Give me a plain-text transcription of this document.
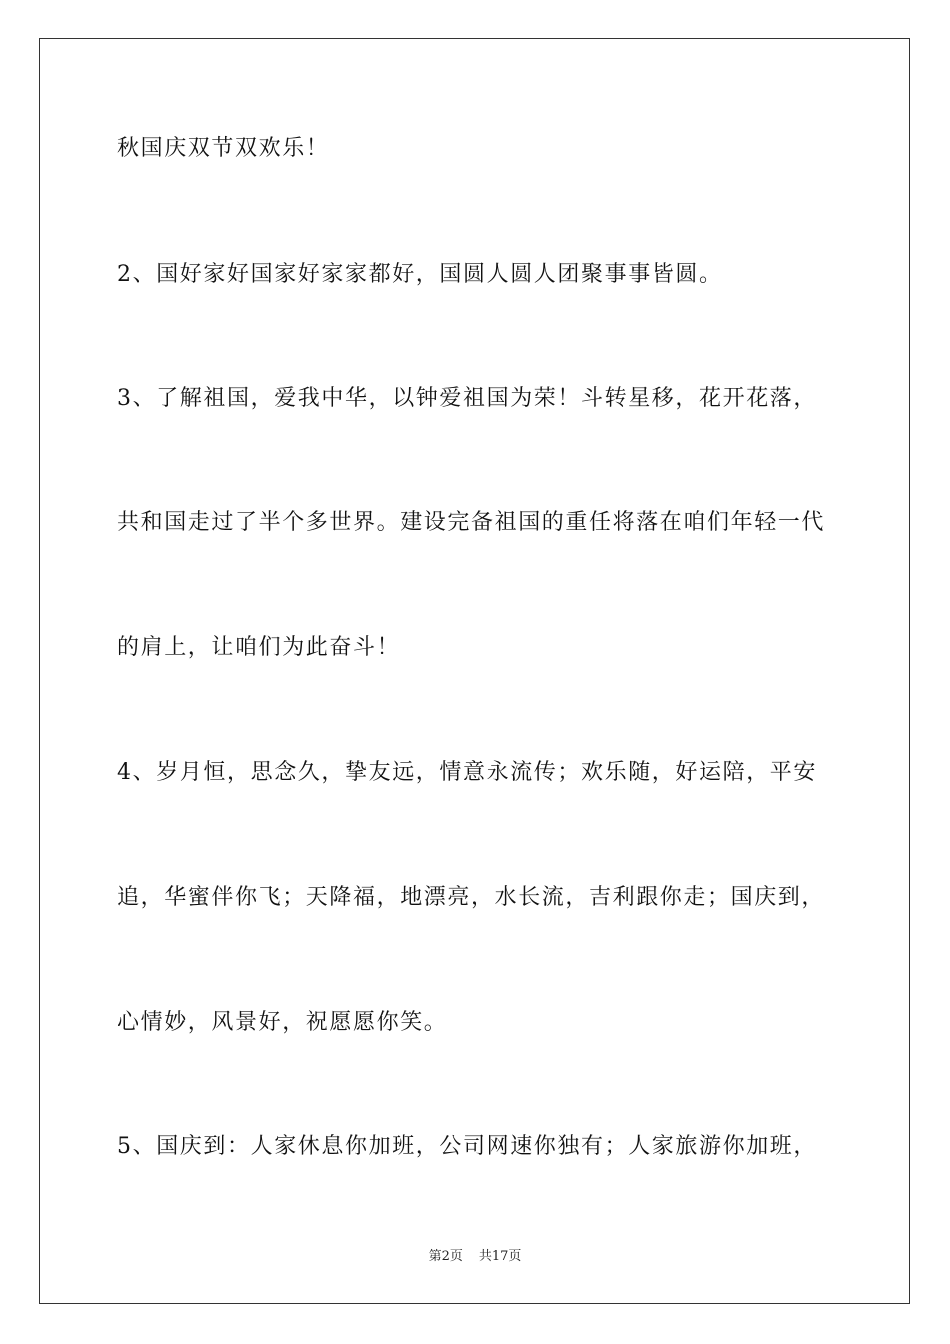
秋国庆双节双欢乐！
2、国好家好国家好家家都好，国圆人圆人团聚事事皆圆。
3、了解祖国，爱我中华，以钟爱祖国为荣！斗转星移，花开花落，
共和国走过了半个多世界。建设完备祖国的重任将落在咱们年轻一代
的肩上，让咱们为此奋斗！
4、岁月恒，思念久，挚友远，情意永流传；欢乐随，好运陪，平安
追，华蜜伴你飞；天降福，地漂亮，水长流，吉利跟你走；国庆到，
心情妙，风景好，祝愿愿你笑。
5、国庆到：人家休息你加班，公司网速你独有；人家旅游你加班，
第2页 共17页
